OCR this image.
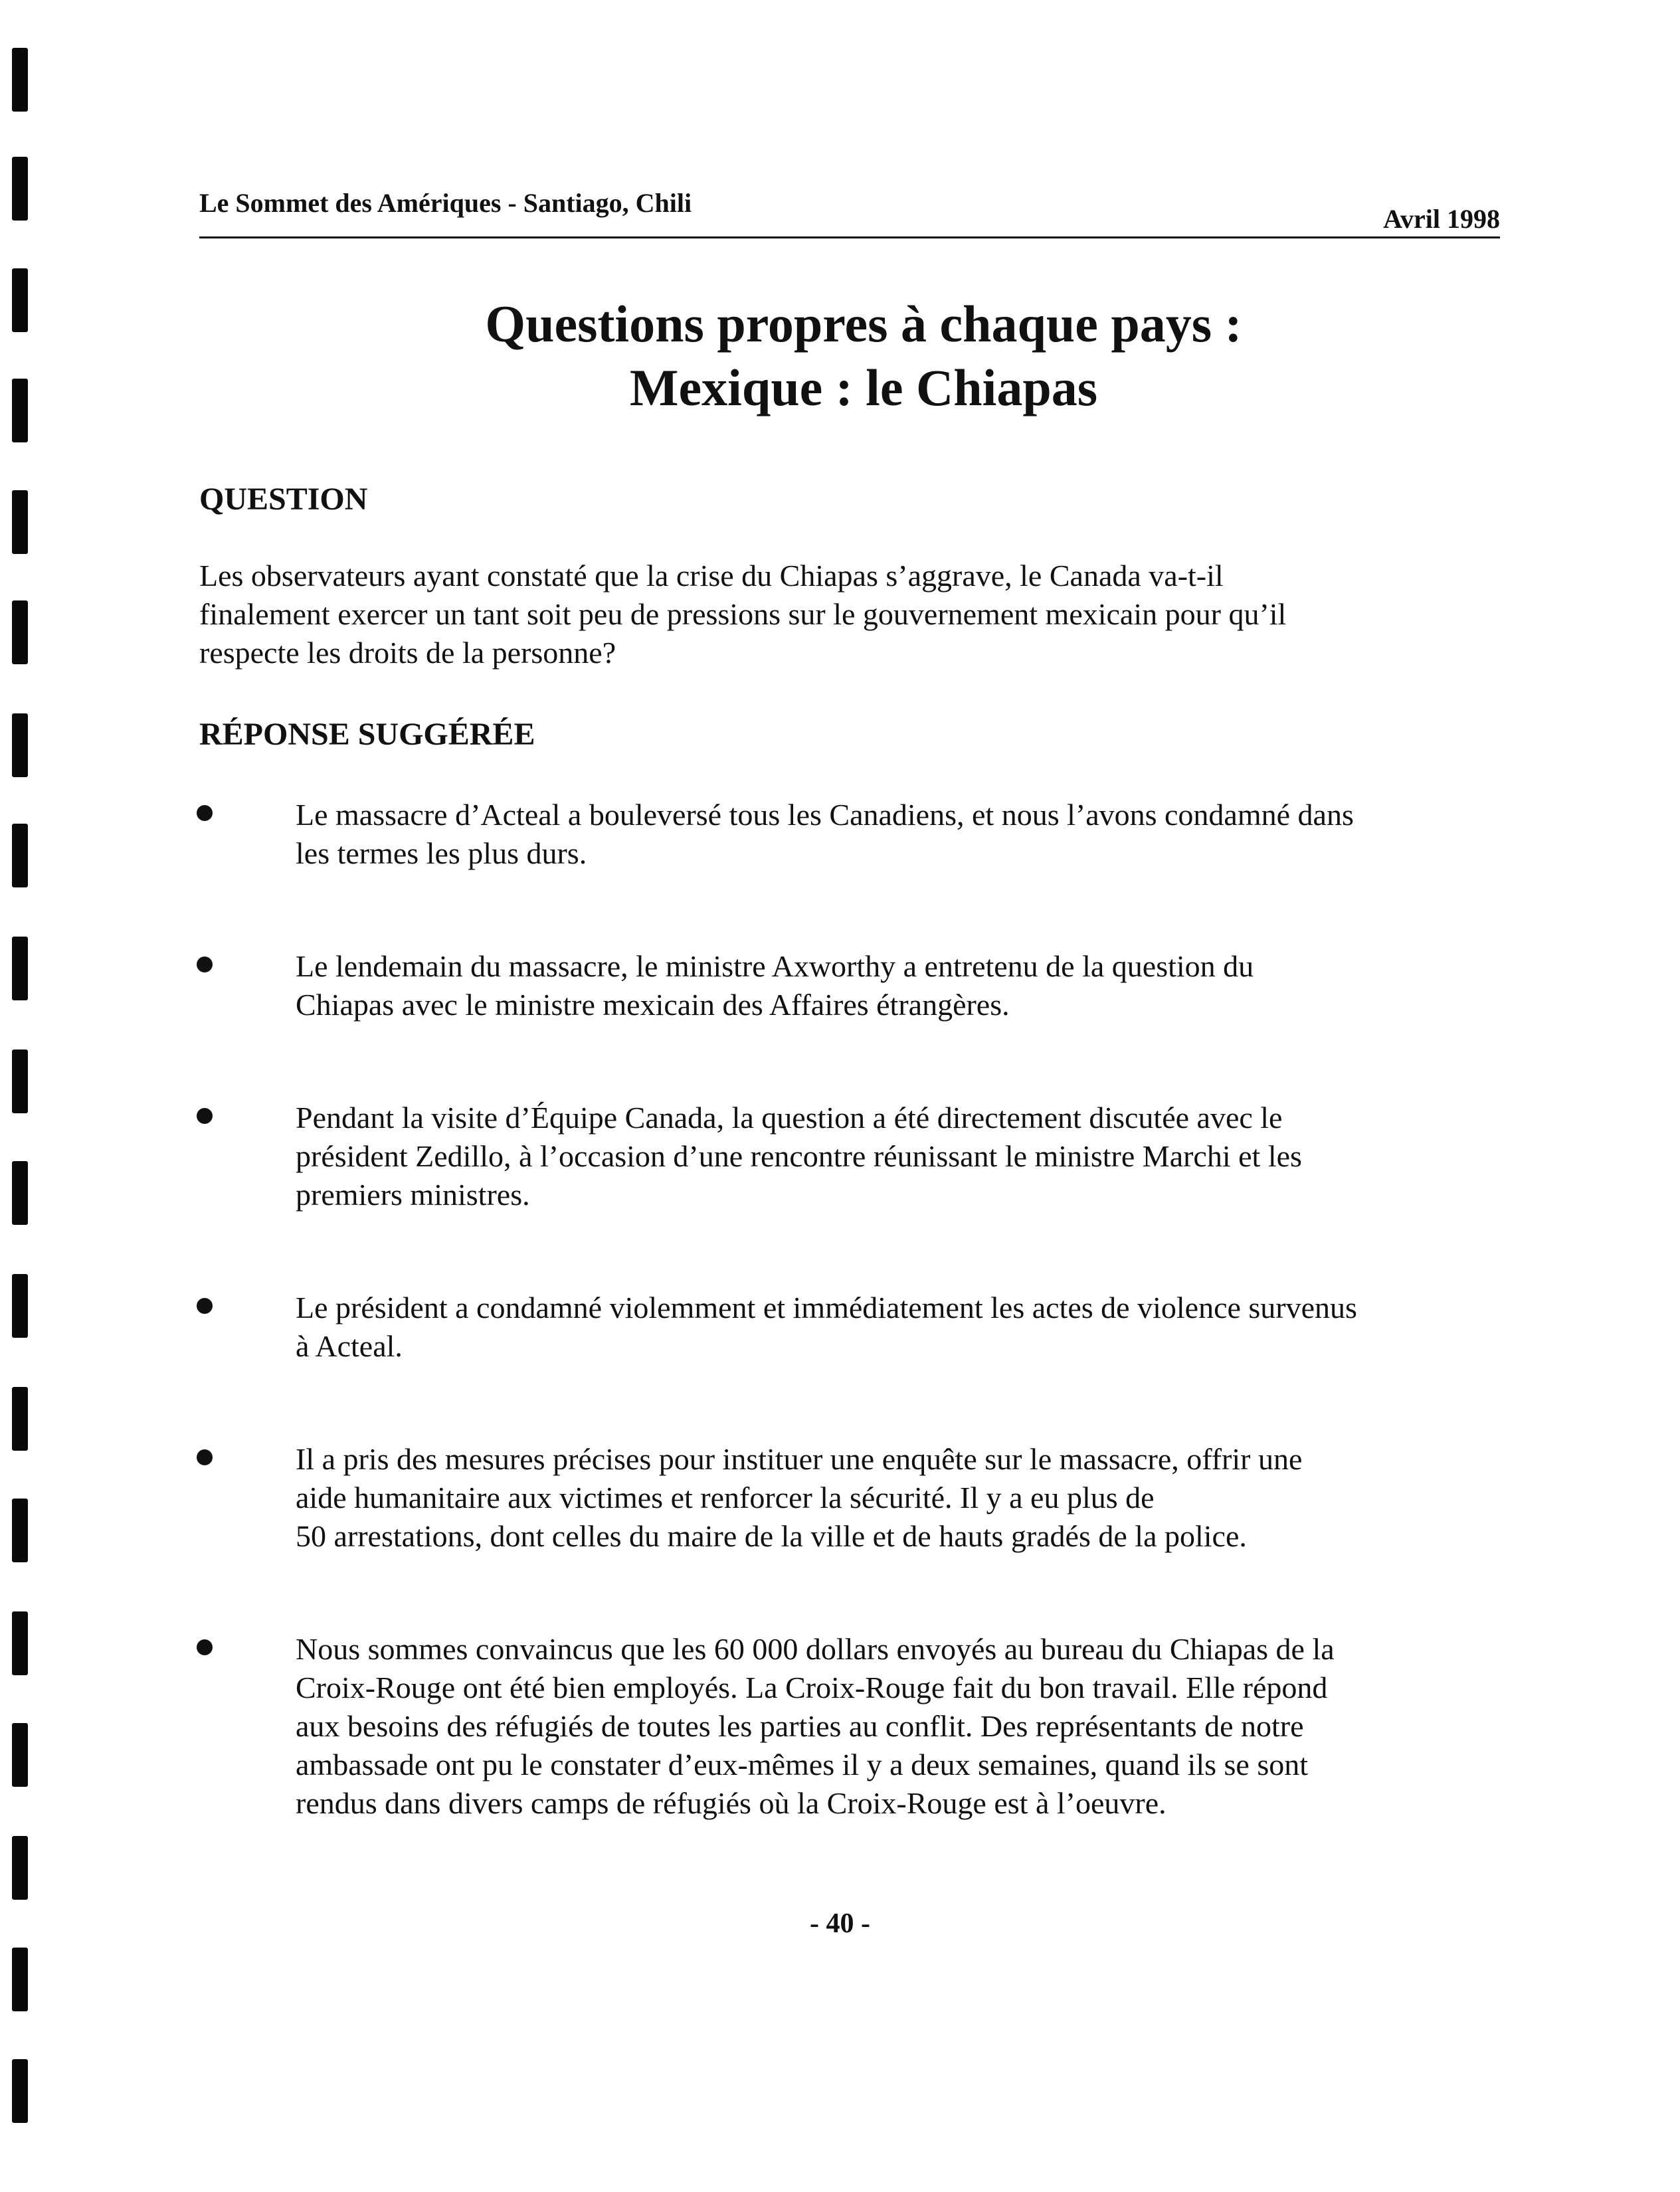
Le Sommet des Amériques - Santiago, Chili
Avril 1998
Questions propres à chaque pays :
Mexique : le Chiapas
QUESTION
Les observateurs ayant constaté que la crise du Chiapas s’aggrave, le Canada va-t-il
finalement exercer un tant soit peu de pressions sur le gouvernement mexicain pour qu’il
respecte les droits de la personne?
RÉPONSE SUGGÉRÉE
Le massacre d’Acteal a bouleversé tous les Canadiens, et nous l’avons condamné dans
les termes les plus durs.
Le lendemain du massacre, le ministre Axworthy a entretenu de la question du
Chiapas avec le ministre mexicain des Affaires étrangères.
Pendant la visite d’Équipe Canada, la question a été directement discutée avec le
président Zedillo, à l’occasion d’une rencontre réunissant le ministre Marchi et les
premiers ministres.
Le président a condamné violemment et immédiatement les actes de violence survenus
à Acteal.
Il a pris des mesures précises pour instituer une enquête sur le massacre, offrir une
aide humanitaire aux victimes et renforcer la sécurité. Il y a eu plus de
50 arrestations, dont celles du maire de la ville et de hauts gradés de la police.
Nous sommes convaincus que les 60 000 dollars envoyés au bureau du Chiapas de la
Croix-Rouge ont été bien employés. La Croix-Rouge fait du bon travail. Elle répond
aux besoins des réfugiés de toutes les parties au conflit. Des représentants de notre
ambassade ont pu le constater d’eux-mêmes il y a deux semaines, quand ils se sont
rendus dans divers camps de réfugiés où la Croix-Rouge est à l’oeuvre.
- 40 -
